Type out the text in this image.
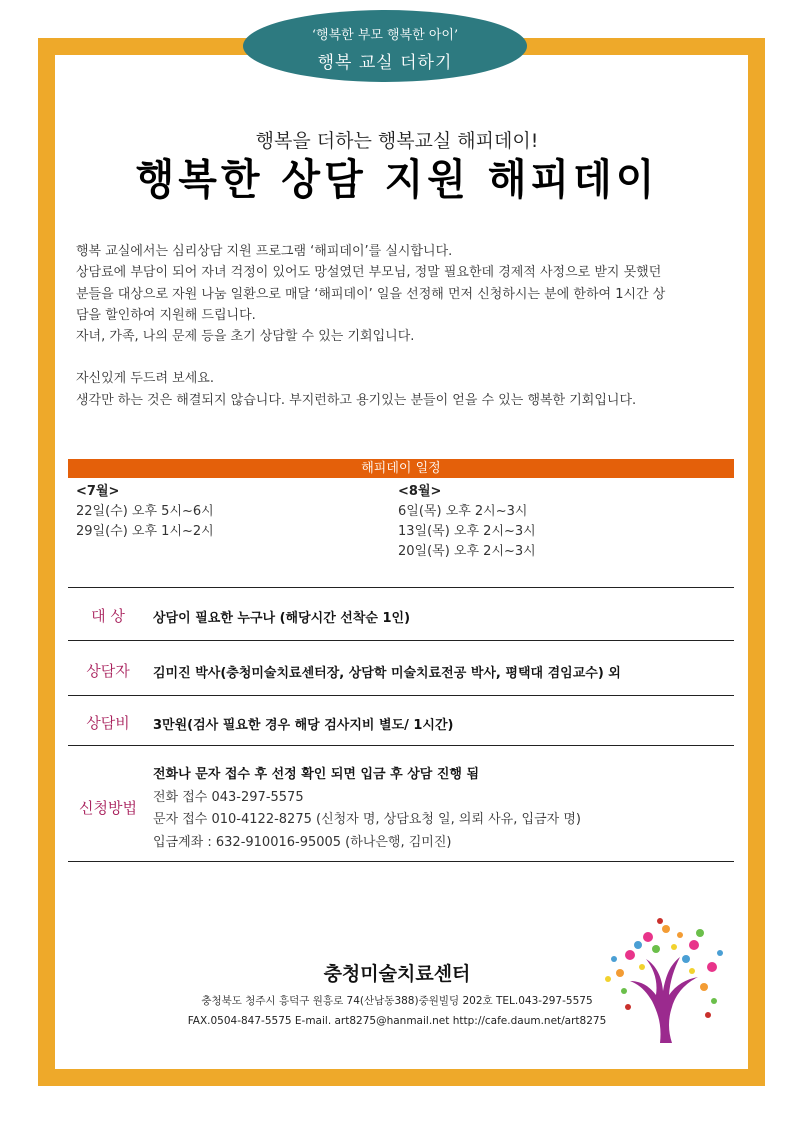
‘행복한 부모 행복한 아이’
행복 교실 더하기
행복을 더하는 행복교실 해피데이!
행복한 상담 지원 해피데이

행복 교실에서는 심리상담 지원 프로그램 ‘해피데이’를 실시합니다.

상담료에 부담이 되어 자녀 걱정이 있어도 망설였던 부모님, 정말 필요한데 경제적 사정으로 받지 못했던

분들을 대상으로 자원 나눔 일환으로 매달 ‘해피데이’ 일을 선정해 먼저 신청하시는 분에 한하여 1시간 상

담을 할인하여 지원해 드립니다.

자녀, 가족, 나의 문제 등을 초기 상담할 수 있는 기회입니다.

자신있게 두드려 보세요.

생각만 하는 것은 해결되지 않습니다. 부지런하고 용기있는 분들이 얻을 수 있는 행복한 기회입니다.

해피데이 일정
<7월>
22일(수) 오후 5시~6시
29일(수) 오후 1시~2시
<8월>
6일(목) 오후 2시~3시
13일(목) 오후 2시~3시
20일(목) 오후 2시~3시
대 상	상담이 필요한 누구나 (해당시간 선착순 1인)
상담자	김미진 박사(충청미술치료센터장, 상담학 미술치료전공 박사, 평택대 겸임교수) 외
상담비	3만원(검사 필요한 경우 해당 검사지비 별도/ 1시간)
신청방법
전화나 문자 접수 후 선정 확인 되면 입금 후 상담 진행 됨
전화 접수 043-297-5575
문자 접수 010-4122-8275 (신청자 명, 상담요청 일, 의뢰 사유, 입금자 명)
입금계좌 : 632-910016-95005 (하나은행, 김미진)
충청미술치료센터
충청북도 청주시 흥덕구 원흥로 74(산남동388)중원빌딩 202호 TEL.043-297-5575
FAX.0504-847-5575 E-mail. art8275@hanmail.net http://cafe.daum.net/art8275
